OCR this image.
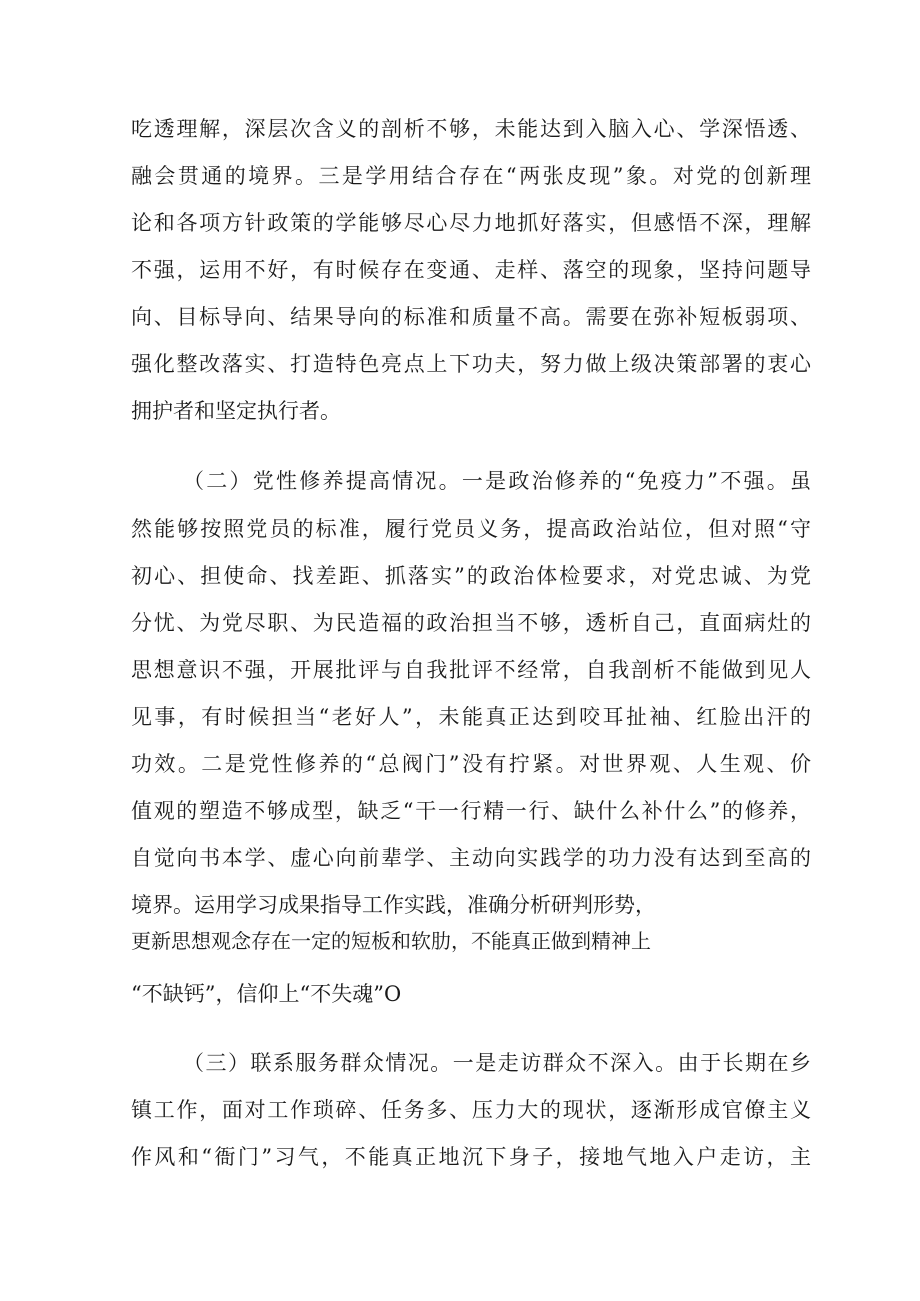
吃透理解，深层次含义的剖析不够，未能达到入脑入心、学深悟透、
融会贯通的境界。三是学用结合存在“两张皮现”象。对党的创新理
论和各项方针政策的学能够尽心尽力地抓好落实，但感悟不深，理解
不强，运用不好，有时候存在变通、走样、落空的现象，坚持问题导
向、目标导向、结果导向的标准和质量不高。需要在弥补短板弱项、
强化整改落实、打造特色亮点上下功夫，努力做上级决策部署的衷心
拥护者和坚定执行者。
（二）党性修养提高情况。一是政治修养的“免疫力”不强。虽
然能够按照党员的标准，履行党员义务，提高政治站位，但对照“守
初心、担使命、找差距、抓落实”的政治体检要求，对党忠诚、为党
分忧、为党尽职、为民造福的政治担当不够，透析自己，直面病灶的
思想意识不强，开展批评与自我批评不经常，自我剖析不能做到见人
见事，有时候担当“老好人”，未能真正达到咬耳扯袖、红脸出汗的
功效。二是党性修养的“总阀门”没有拧紧。对世界观、人生观、价
值观的塑造不够成型，缺乏“干一行精一行、缺什么补什么”的修养，
自觉向书本学、虚心向前辈学、主动向实践学的功力没有达到至高的
境界。运用学习成果指导工作实践，准确分析研判形势，
更新思想观念存在一定的短板和软肋，不能真正做到精神上
“不缺钙”，信仰上“不失魂”O
（三）联系服务群众情况。一是走访群众不深入。由于长期在乡
镇工作，面对工作琐碎、任务多、压力大的现状，逐渐形成官僚主义
作风和“衙门”习气，不能真正地沉下身子，接地气地入户走访，主
